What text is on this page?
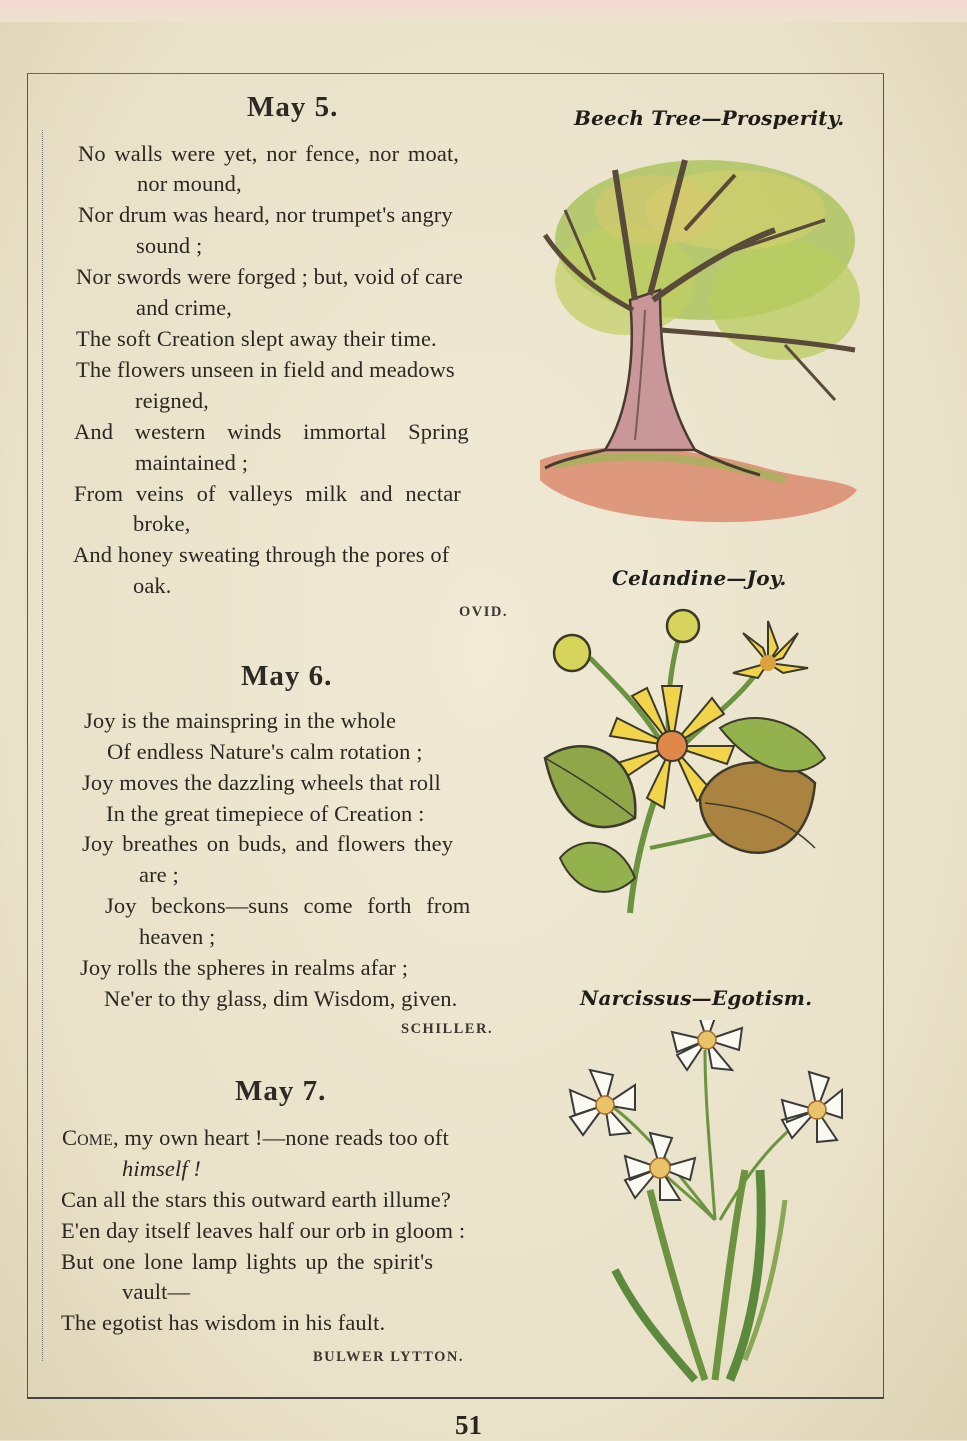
May 5.
No walls were yet, nor fence, nor moat,
nor mound,
Nor drum was heard, nor trumpet's angry
sound ;
Nor swords were forged ; but, void of care
and crime,
The soft Creation slept away their time.
The flowers unseen in field and meadows
reigned,
And western winds immortal Spring
maintained ;
From veins of valleys milk and nectar
broke,
And honey sweating through the pores of
oak.
OVID.
May 6.
Joy is the mainspring in the whole
Of endless Nature's calm rotation ;
Joy moves the dazzling wheels that roll
In the great timepiece of Creation :
Joy breathes on buds, and flowers they
are ;
Joy beckons—suns come forth from
heaven ;
Joy rolls the spheres in realms afar ;
Ne'er to thy glass, dim Wisdom, given.
SCHILLER.
May 7.
Come, my own heart !—none reads too oft
himself !
Can all the stars this outward earth illume?
E'en day itself leaves half our orb in gloom :
But one lone lamp lights up the spirit's
vault—
The egotist has wisdom in his fault.
BULWER LYTTON.
Beech Tree—Prosperity.
Celandine—Joy.
Narcissus—Egotism.
51
